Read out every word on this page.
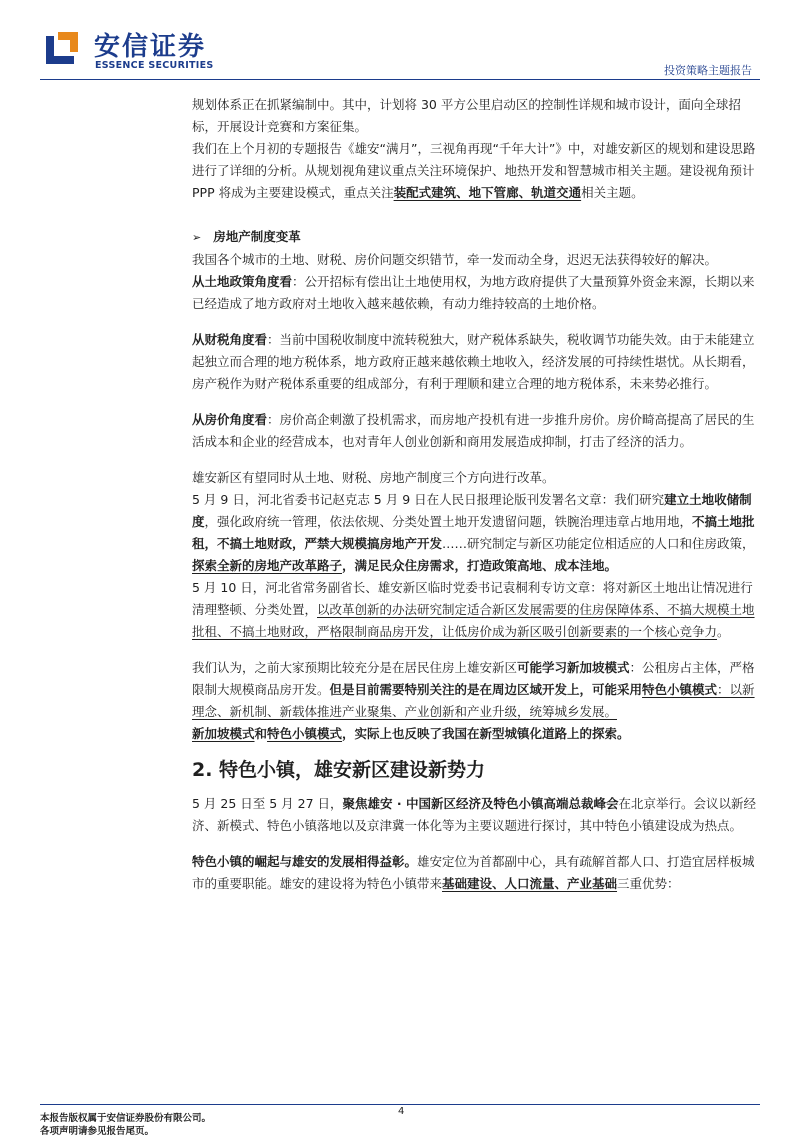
安信证券
ESSENCE SECURITIES	投资策略主题报告

规划体系正在抓紧编制中。其中，计划将 30 平方公里启动区的控制性详规和城市设计，面向全球招标，开展设计竞赛和方案征集。

我们在上个月初的专题报告《雄安“满月”，三视角再现“千年大计”》中，对雄安新区的规划和建设思路进行了详细的分析。从规划视角建议重点关注环境保护、地热开发和智慧城市相关主题。建设视角预计 PPP 将成为主要建设模式，重点关注装配式建筑、地下管廊、轨道交通相关主题。

➢ 房地产制度变革

我国各个城市的土地、财税、房价问题交织错节，牵一发而动全身，迟迟无法获得较好的解决。

从土地政策角度看：公开招标有偿出让土地使用权，为地方政府提供了大量预算外资金来源，长期以来已经造成了地方政府对土地收入越来越依赖，有动力维持较高的土地价格。

从财税角度看：当前中国税收制度中流转税独大，财产税体系缺失，税收调节功能失效。由于未能建立起独立而合理的地方税体系，地方政府正越来越依赖土地收入，经济发展的可持续性堪忧。从长期看，房产税作为财产税体系重要的组成部分，有利于理顺和建立合理的地方税体系，未来势必推行。

从房价角度看：房价高企刺激了投机需求，而房地产投机有进一步推升房价。房价畸高提高了居民的生活成本和企业的经营成本，也对青年人创业创新和商用发展造成抑制，打击了经济的活力。

雄安新区有望同时从土地、财税、房地产制度三个方向进行改革。

5 月 9 日，河北省委书记赵克志 5 月 9 日在人民日报理论版刊发署名文章：我们研究建立土地收储制度，强化政府统一管理，依法依规、分类处置土地开发遗留问题，铁腕治理违章占地用地，不搞土地批租，不搞土地财政，严禁大规模搞房地产开发……研究制定与新区功能定位相适应的人口和住房政策，探索全新的房地产改革路子，满足民众住房需求，打造政策高地、成本洼地。

5 月 10 日，河北省常务副省长、雄安新区临时党委书记袁桐利专访文章：将对新区土地出让情况进行清理整顿、分类处置，以改革创新的办法研究制定适合新区发展需要的住房保障体系、不搞大规模土地批租、不搞土地财政，严格限制商品房开发，让低房价成为新区吸引创新要素的一个核心竞争力。

我们认为，之前大家预期比较充分是在居民住房上雄安新区可能学习新加坡模式：公租房占主体，严格限制大规模商品房开发。但是目前需要特别关注的是在周边区域开发上，可能采用特色小镇模式：以新理念、新机制、新载体推进产业聚集、产业创新和产业升级，统筹城乡发展。

新加坡模式和特色小镇模式，实际上也反映了我国在新型城镇化道路上的探索。

2. 特色小镇，雄安新区建设新势力

5 月 25 日至 5 月 27 日，聚焦雄安 · 中国新区经济及特色小镇高端总裁峰会在北京举行。会议以新经济、新模式、特色小镇落地以及京津冀一体化等为主要议题进行探讨，其中特色小镇建设成为热点。

特色小镇的崛起与雄安的发展相得益彰。雄安定位为首都副中心，具有疏解首都人口、打造宜居样板城市的重要职能。雄安的建设将为特色小镇带来基础建设、人口流量、产业基础三重优势：

本报告版权属于安信证券股份有限公司。
各项声明请参见报告尾页。
4
